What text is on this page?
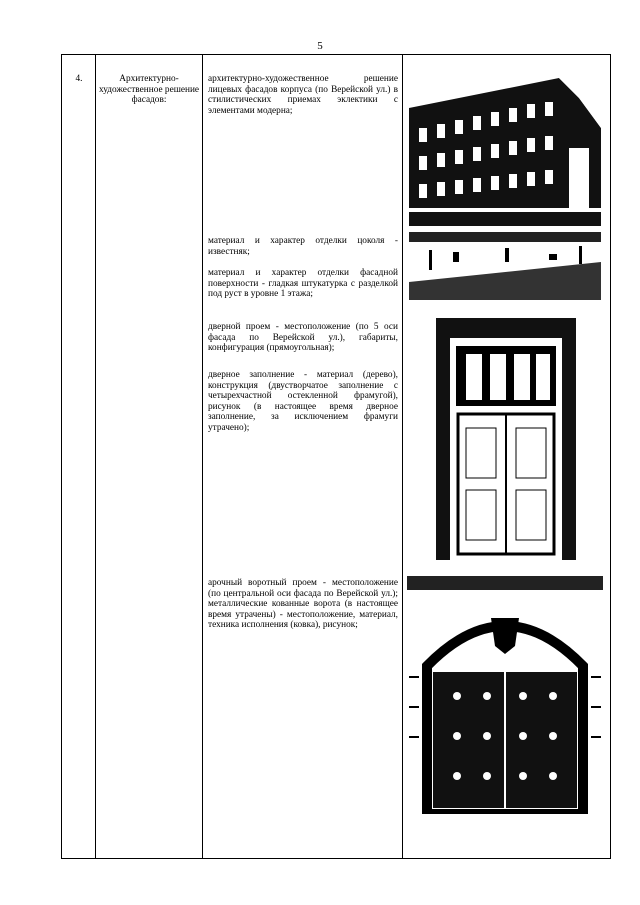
5
4.	Архитектурно-художественное решение фасадов:

архитектурно-художественное решение лицевых фасадов корпуса (по Верейской ул.) в стилистических приемах эклектики с элементами модерна;

материал и характер отделки цоколя - известняк;

материал и характер отделки фасадной поверхности - гладкая штукатурка с разделкой под руст в уровне 1 этажа;

дверной проем - местоположение (по 5 оси фасада по Верейской ул.), габариты, конфигурация (прямоугольная);

дверное заполнение - материал (дерево), конструкция (двустворчатое заполнение с четырехчастной остекленной фрамугой), рисунок (в настоящее время дверное заполнение, за исключением фрамуги утрачено);

арочный воротный проем - местоположение (по центральной оси фасада по Верейской ул.); металлические кованные ворота (в настоящее время утрачены) - местоположение, материал, техника исполнения (ковка), рисунок;
